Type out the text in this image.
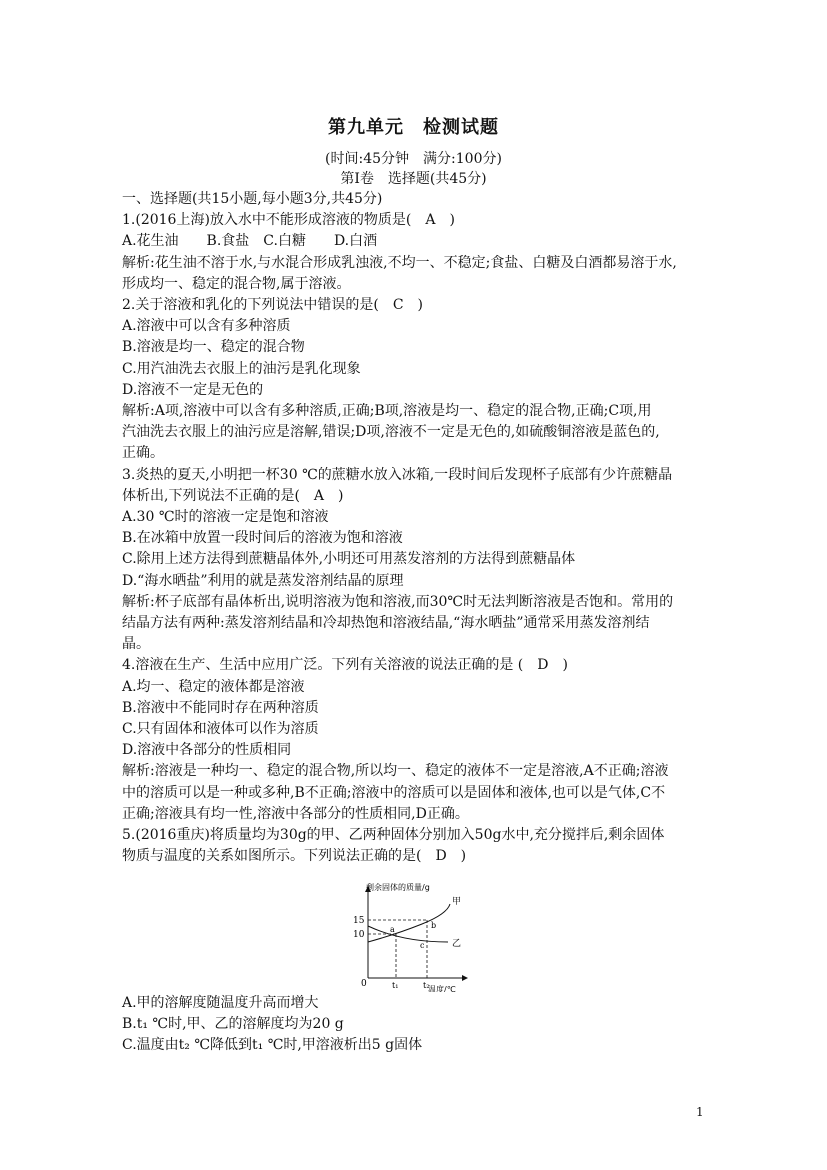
第九单元　检测试题
(时间:45分钟　满分:100分)
第Ⅰ卷　选择题(共45分)
一、选择题(共15小题,每小题3分,共45分)
1.(2016上海)放入水中不能形成溶液的物质是(　A　)
A.花生油　　B.食盐　C.白糖　　D.白酒
解析:花生油不溶于水,与水混合形成乳浊液,不均一、不稳定;食盐、白糖及白酒都易溶于水,
形成均一、稳定的混合物,属于溶液。
2.关于溶液和乳化的下列说法中错误的是(　C　)
A.溶液中可以含有多种溶质
B.溶液是均一、稳定的混合物
C.用汽油洗去衣服上的油污是乳化现象
D.溶液不一定是无色的
解析:A项,溶液中可以含有多种溶质,正确;B项,溶液是均一、稳定的混合物,正确;C项,用
汽油洗去衣服上的油污应是溶解,错误;D项,溶液不一定是无色的,如硫酸铜溶液是蓝色的,
正确。
3.炎热的夏天,小明把一杯30 ℃的蔗糖水放入冰箱,一段时间后发现杯子底部有少许蔗糖晶
体析出,下列说法不正确的是(　A　)
A.30 ℃时的溶液一定是饱和溶液
B.在冰箱中放置一段时间后的溶液为饱和溶液
C.除用上述方法得到蔗糖晶体外,小明还可用蒸发溶剂的方法得到蔗糖晶体
D.“海水晒盐”利用的就是蒸发溶剂结晶的原理
解析:杯子底部有晶体析出,说明溶液为饱和溶液,而30℃时无法判断溶液是否饱和。常用的
结晶方法有两种:蒸发溶剂结晶和冷却热饱和溶液结晶,“海水晒盐”通常采用蒸发溶剂结
晶。
4.溶液在生产、生活中应用广泛。下列有关溶液的说法正确的是 (　D　)
A.均一、稳定的液体都是溶液
B.溶液中不能同时存在两种溶质
C.只有固体和液体可以作为溶质
D.溶液中各部分的性质相同
解析:溶液是一种均一、稳定的混合物,所以均一、稳定的液体不一定是溶液,A不正确;溶液
中的溶质可以是一种或多种,B不正确;溶液中的溶质可以是固体和液体,也可以是气体,C不
正确;溶液具有均一性,溶液中各部分的性质相同,D正确。
5.(2016重庆)将质量均为30g的甲、乙两种固体分别加入50g水中,充分搅拌后,剩余固体
物质与温度的关系如图所示。下列说法正确的是(　D　)
剩余固体的质量/g
15
10
0	t₁	t₂
温度/℃
a	b
c
甲
乙
A.甲的溶解度随温度升高而增大
B.t₁ ℃时,甲、乙的溶解度均为20 g
C.温度由t₂ ℃降低到t₁ ℃时,甲溶液析出5 g固体
1
